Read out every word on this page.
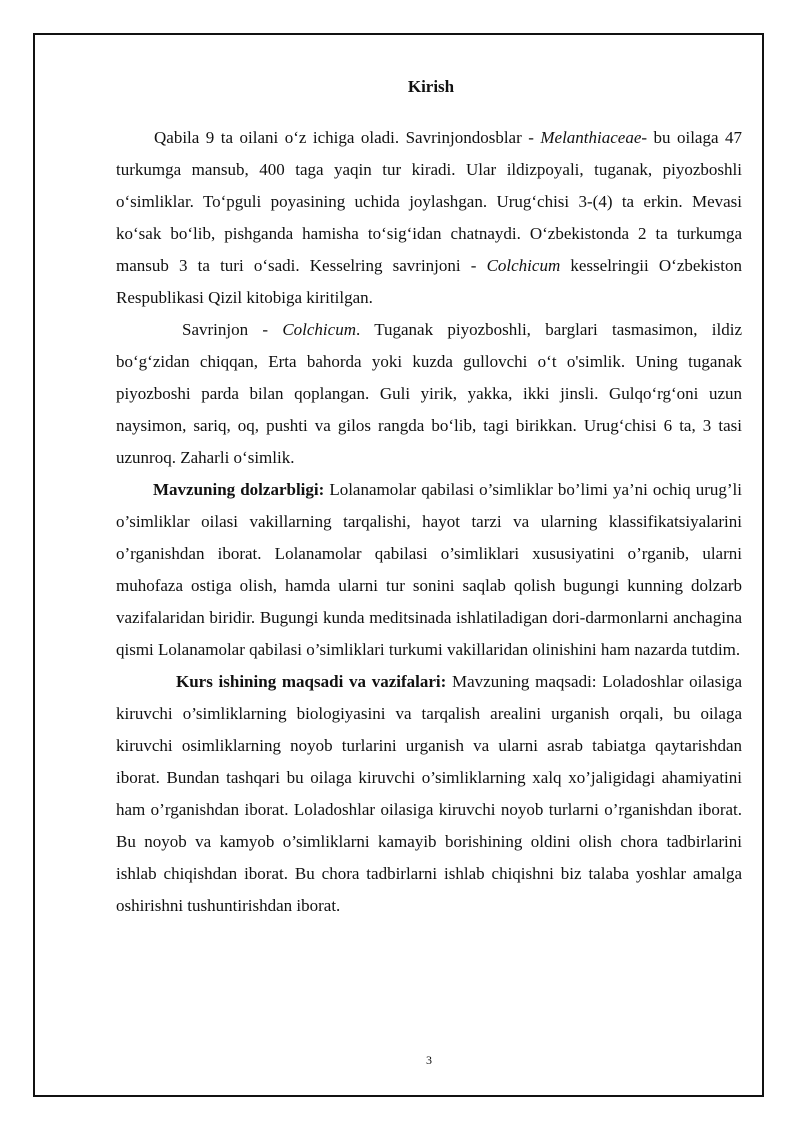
Kirish

Qabila 9 ta oilani o‘z ichiga oladi. Savrinjondosblar - Melanthiaceae- bu oilaga 47 turkumga mansub, 400 taga yaqin tur kiradi. Ular ildizpoyali, tuganak, piyozboshli o‘simliklar. To‘pguli poyasining uchida joylashgan. Urug‘chisi 3-(4) ta erkin. Mevasi ko‘sak bo‘lib, pishganda hamisha to‘sig‘idan chatnaydi. O‘zbekistonda 2 ta turkumga mansub 3 ta turi o‘sadi. Kesselring savrinjoni - Colchicum kesselringii O‘zbekiston Respublikasi Qizil kitobiga kiritilgan.

Savrinjon - Colchicum. Tuganak piyozboshli, barglari tasmasimon, ildiz bo‘g‘zidan chiqqan, Erta bahorda yoki kuzda gullovchi o‘t o'simlik. Uning tuganak piyozboshi parda bilan qoplangan. Guli yirik, yakka, ikki jinsli. Gulqo‘rg‘oni uzun naysimon, sariq, oq, pushti va gilos rangda bo‘lib, tagi birikkan. Urug‘chisi 6 ta, 3 tasi uzunroq. Zaharli o‘simlik.

Mavzuning dolzarbligi: Lolanamolar qabilasi o’simliklar bo’limi ya’ni ochiq urug’li o’simliklar oilasi vakillarning tarqalishi, hayot tarzi va ularning klassifikatsiyalarini o’rganishdan iborat. Lolanamolar qabilasi o’simliklari xususiyatini o’rganib, ularni muhofaza ostiga olish, hamda ularni tur sonini saqlab qolish bugungi kunning dolzarb vazifalaridan biridir. Bugungi kunda meditsinada ishlatiladigan dori-darmonlarni anchagina qismi Lolanamolar qabilasi o’simliklari turkumi vakillaridan olinishini ham nazarda tutdim.

Kurs ishining maqsadi va vazifalari: Mavzuning maqsadi: Loladoshlar oilasiga kiruvchi o’simliklarning biologiyasini va tarqalish arealini urganish orqali, bu oilaga kiruvchi osimliklarning noyob turlarini urganish va ularni asrab tabiatga qaytarishdan iborat. Bundan tashqari bu oilaga kiruvchi o’simliklarning xalq xo’jaligidagi ahamiyatini ham o’rganishdan iborat. Loladoshlar oilasiga kiruvchi noyob turlarni o’rganishdan iborat. Bu noyob va kamyob o’simliklarni kamayib borishining oldini olish chora tadbirlarini ishlab chiqishdan iborat. Bu chora tadbirlarni ishlab chiqishni biz talaba yoshlar amalga oshirishni tushuntirishdan iborat.

3
